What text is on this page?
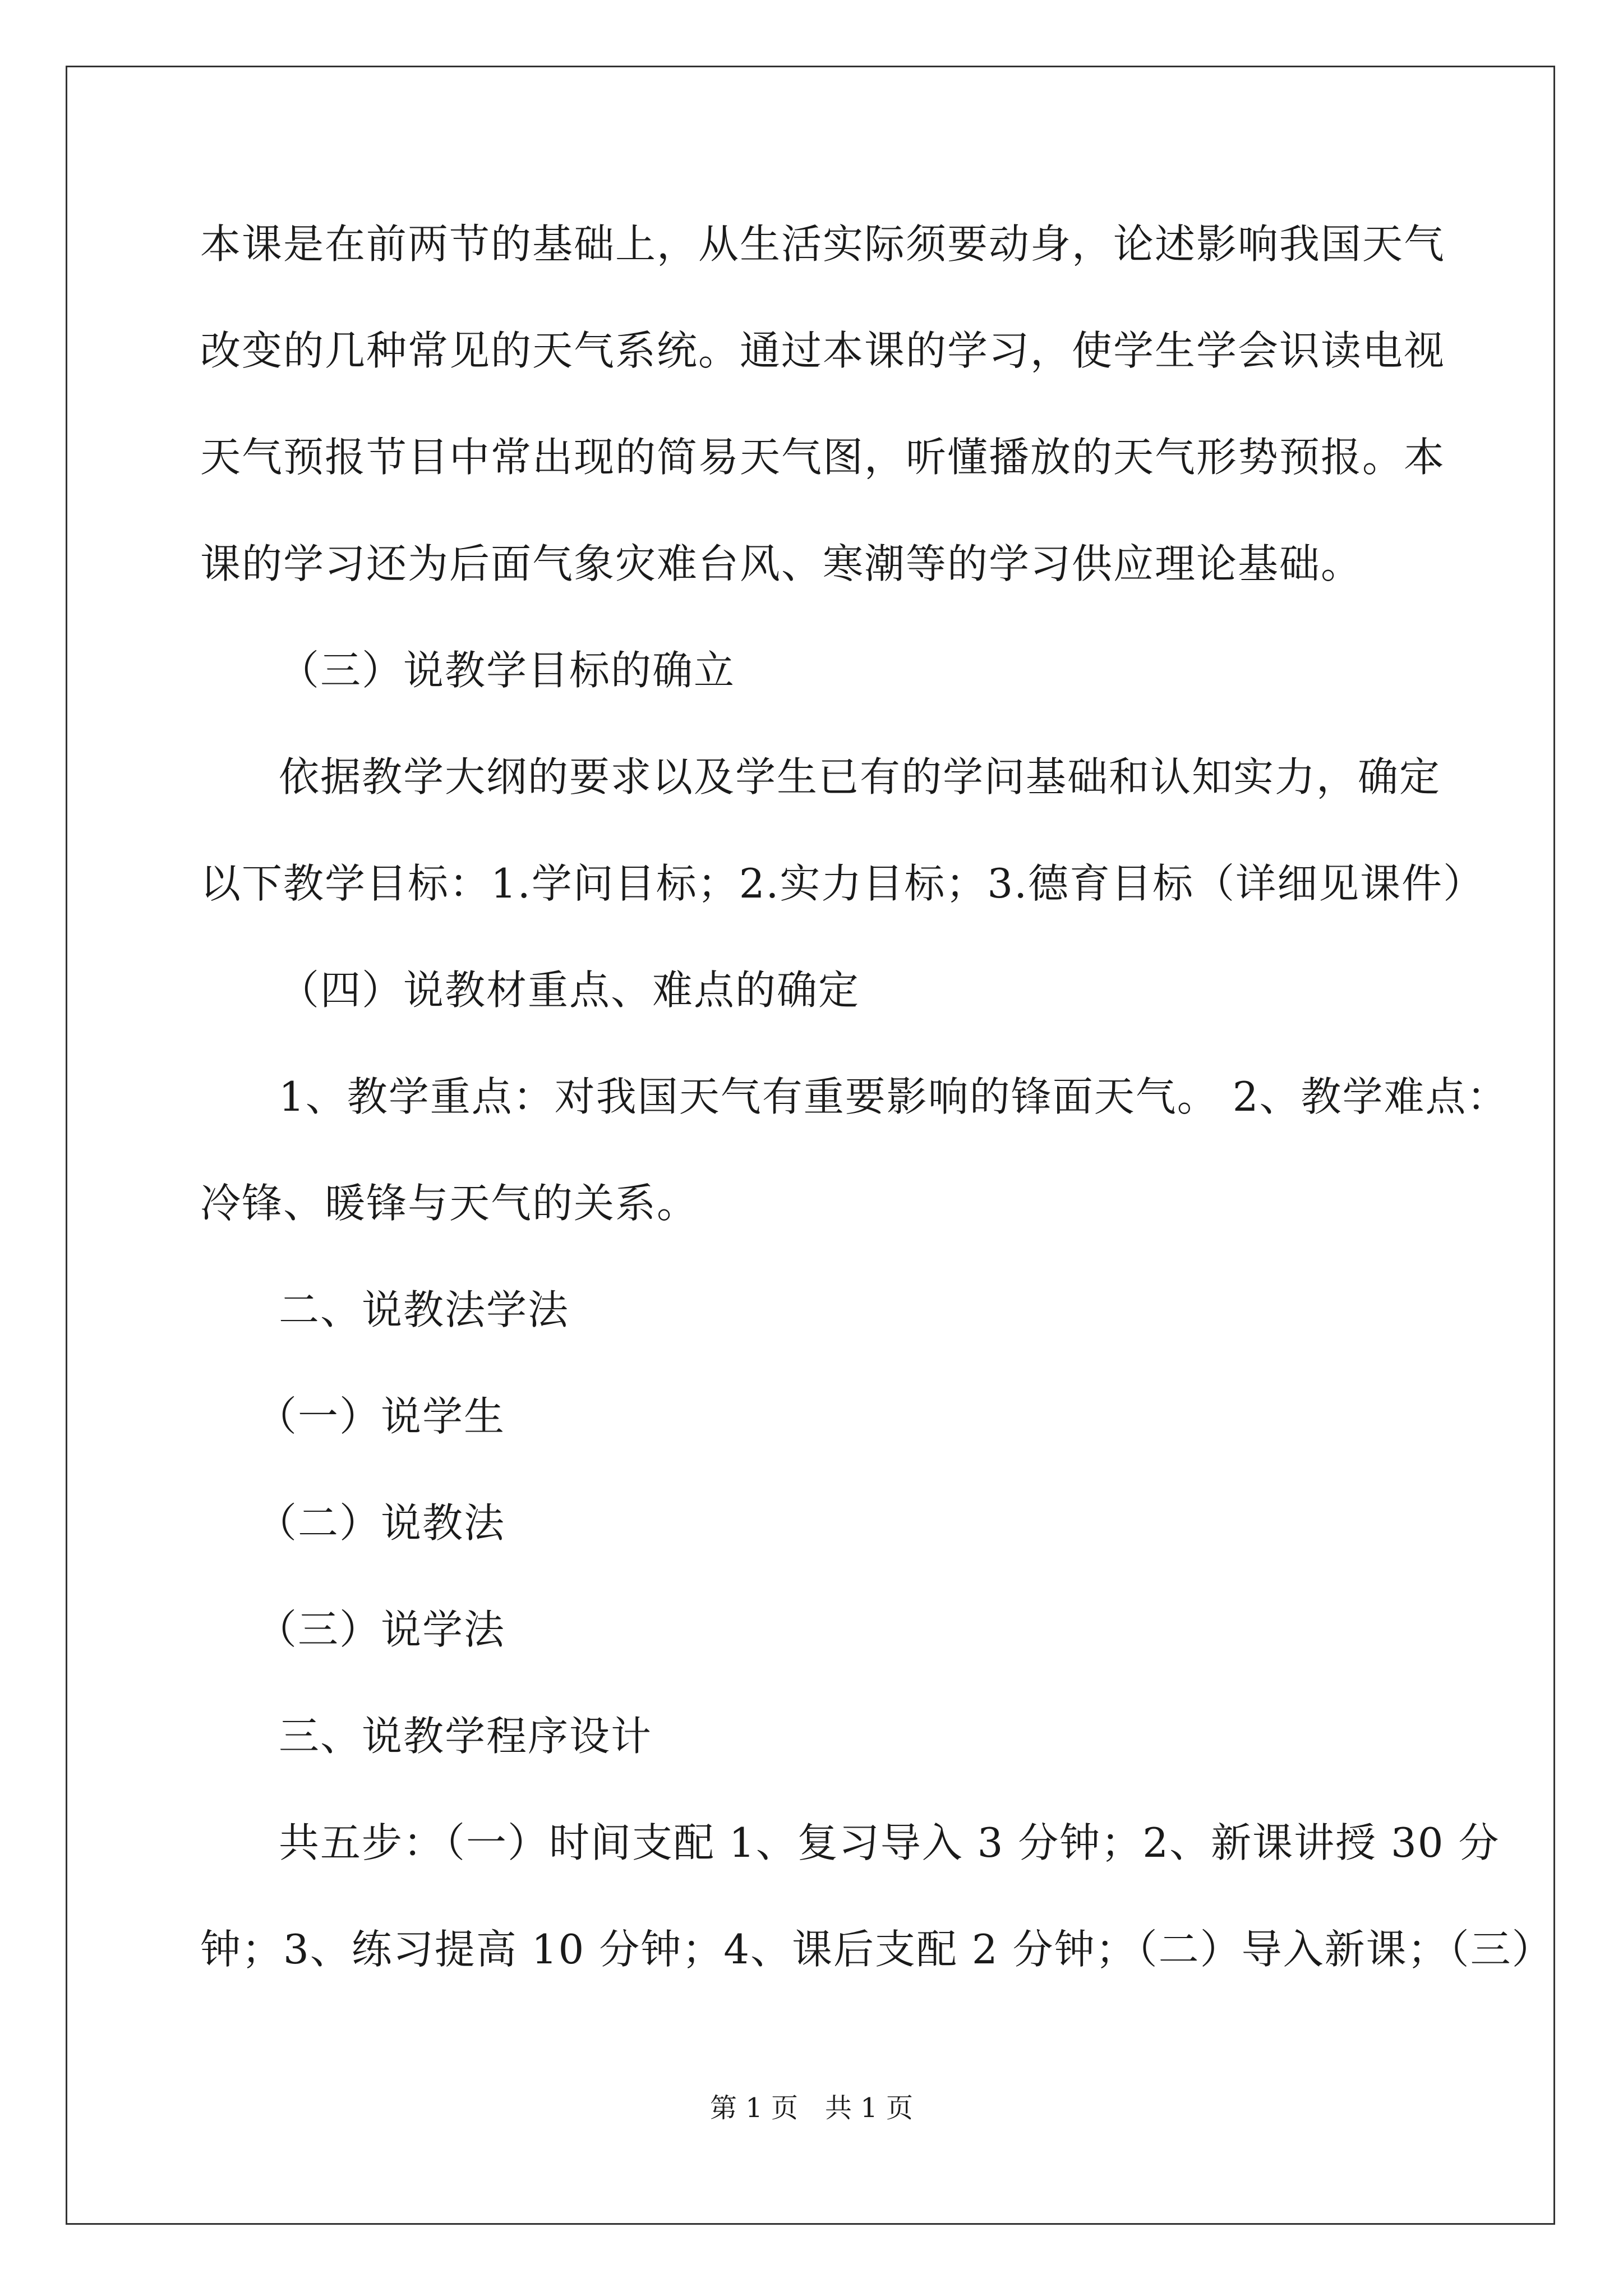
本课是在前两节的基础上，从生活实际须要动身，论述影响我国天气
改变的几种常见的天气系统。通过本课的学习，使学生学会识读电视
天气预报节目中常出现的简易天气图，听懂播放的天气形势预报。本
课的学习还为后面气象灾难台风、寒潮等的学习供应理论基础。
（三）说教学目标的确立
依据教学大纲的要求以及学生已有的学问基础和认知实力，确定
以下教学目标：1.学问目标；2.实力目标；3.德育目标（详细见课件）
（四）说教材重点、难点的确定
1、教学重点：对我国天气有重要影响的锋面天气。 2、教学难点：
冷锋、暖锋与天气的关系。
二、说教法学法
（一）说学生
（二）说教法
（三）说学法
三、说教学程序设计
共五步：（一）时间支配 1、复习导入 3 分钟；2、新课讲授 30 分
钟；3、练习提高 10 分钟；4、课后支配 2 分钟；（二）导入新课；（三）
第 1 页　共 1 页
